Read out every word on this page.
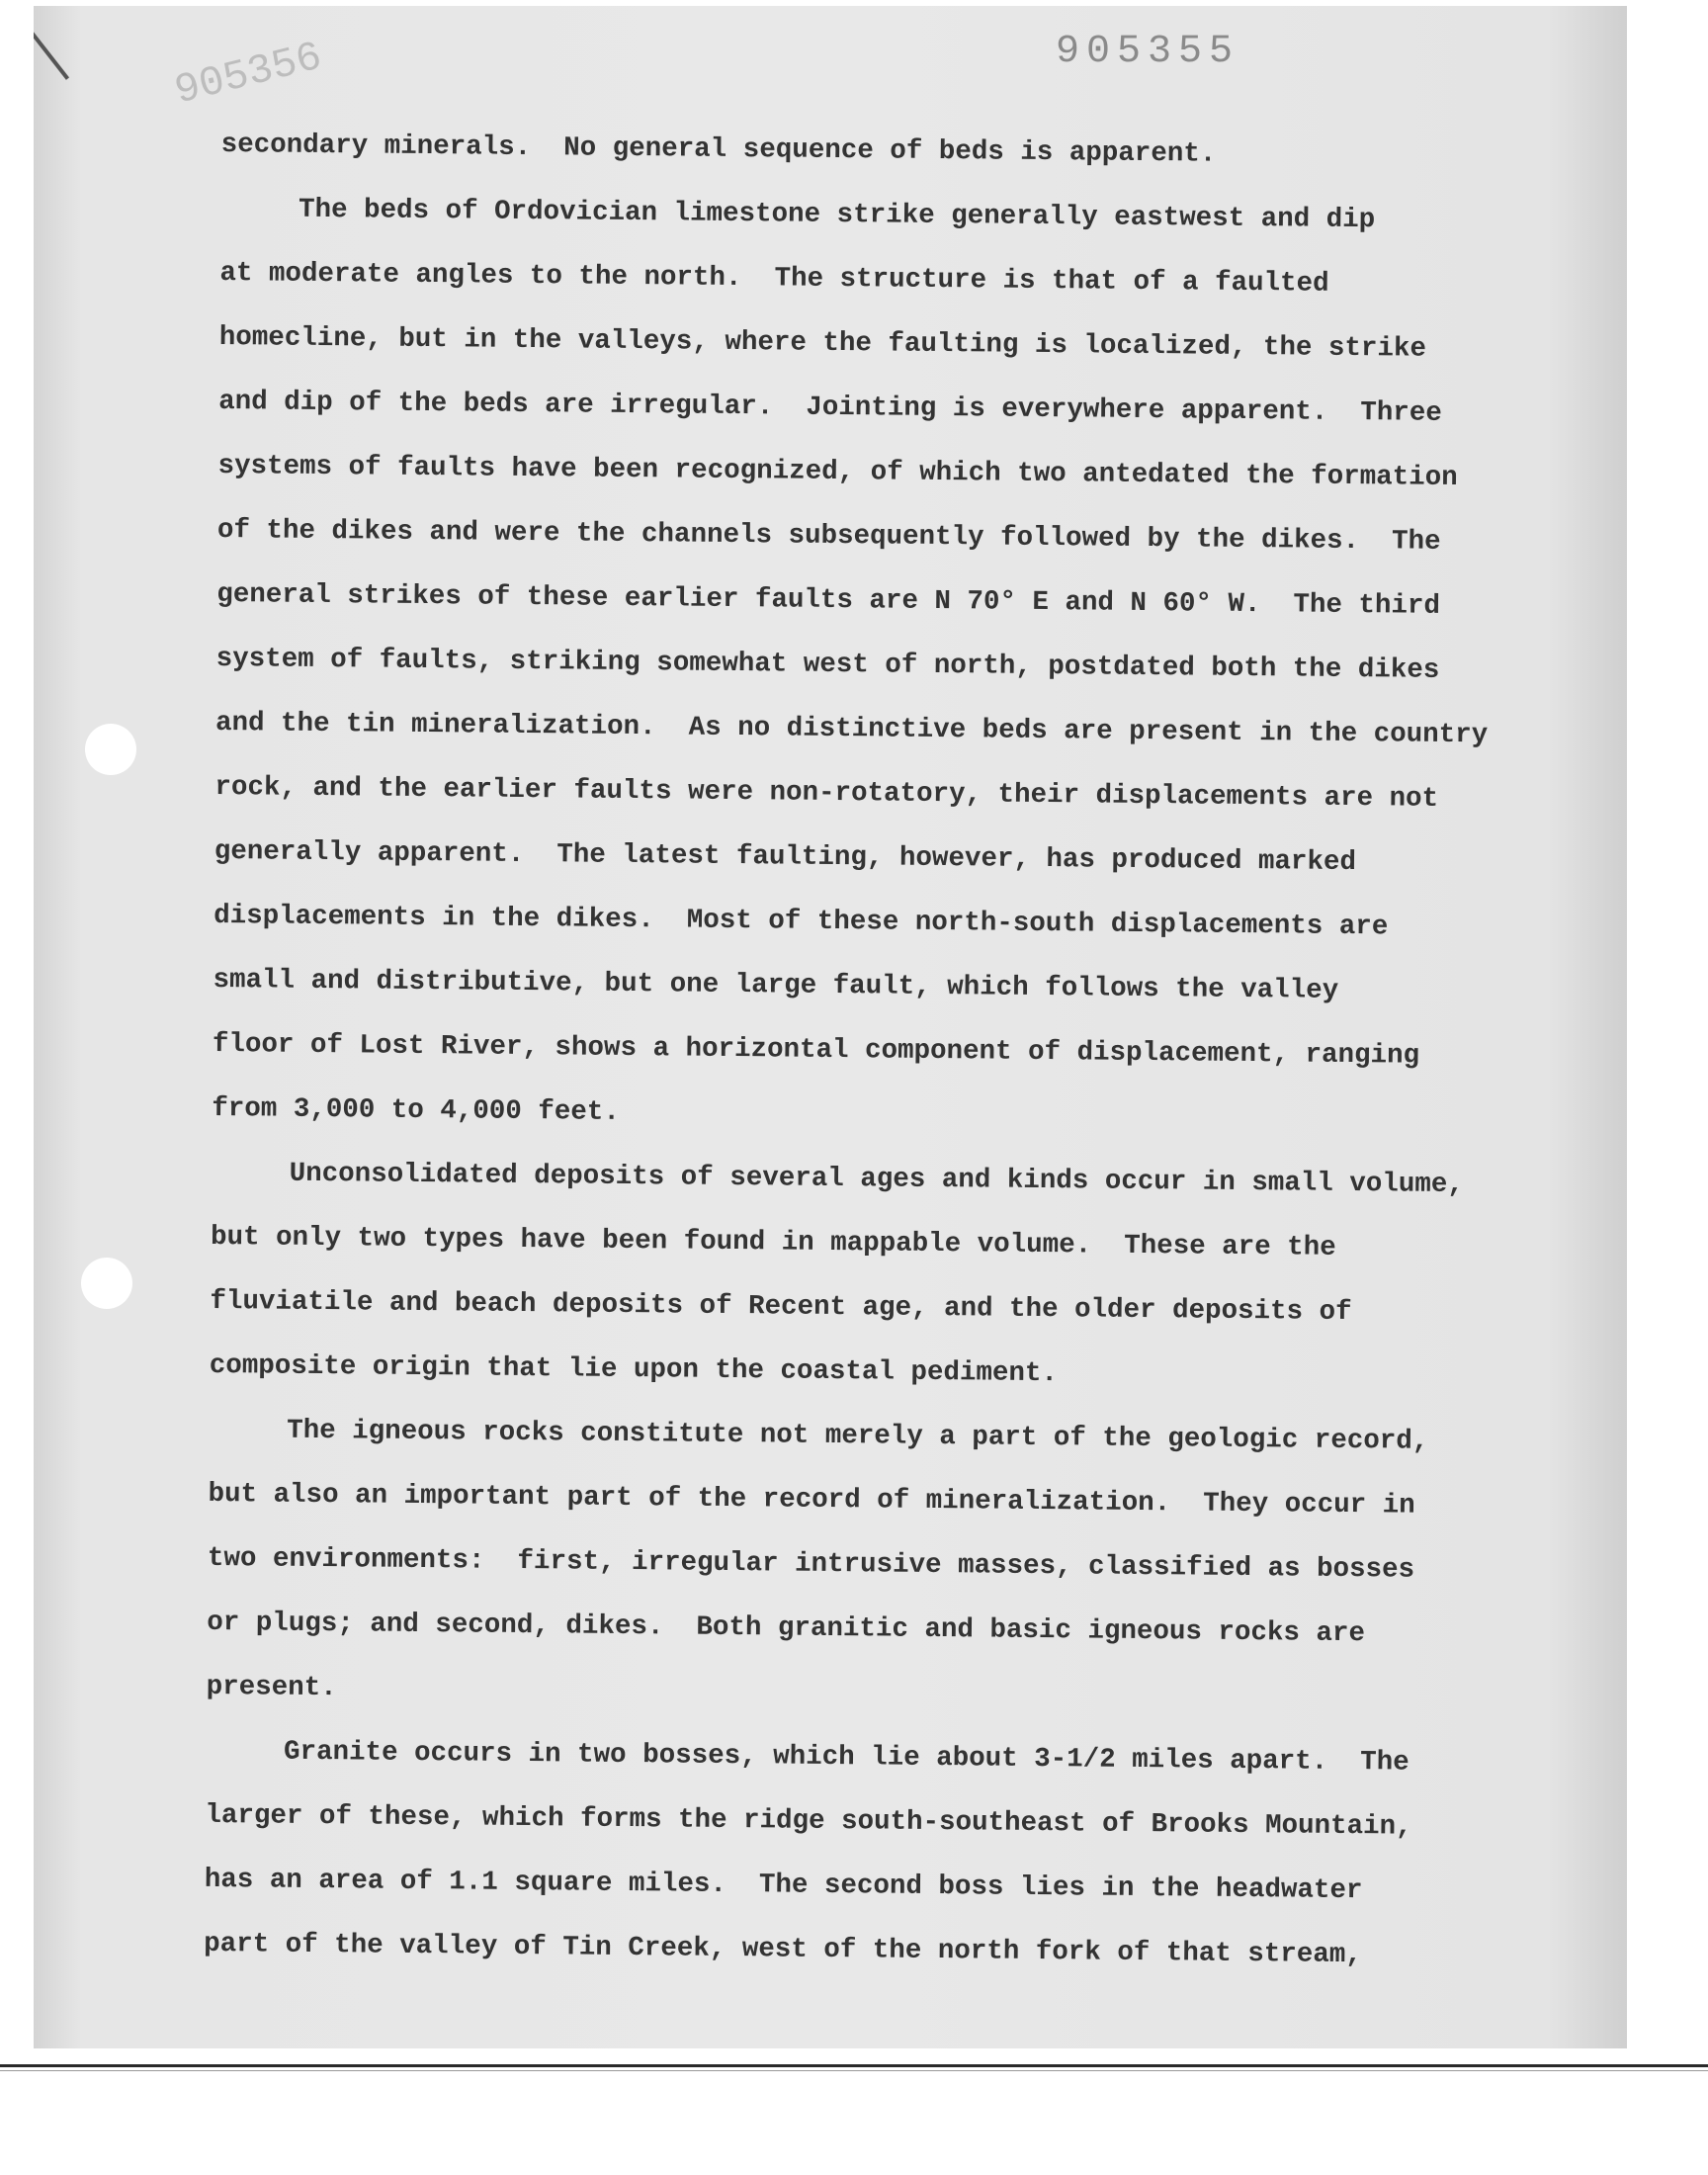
905356	905355
secondary minerals.  No general sequence of beds is apparent.
The beds of Ordovician limestone strike generally eastwest and dip
at moderate angles to the north.  The structure is that of a faulted
homecline, but in the valleys, where the faulting is localized, the strike
and dip of the beds are irregular.  Jointing is everywhere apparent.  Three
systems of faults have been recognized, of which two antedated the formation
of the dikes and were the channels subsequently followed by the dikes.  The
general strikes of these earlier faults are N 70° E and N 60° W.  The third
system of faults, striking somewhat west of north, postdated both the dikes
and the tin mineralization.  As no distinctive beds are present in the country
rock, and the earlier faults were non-rotatory, their displacements are not
generally apparent.  The latest faulting, however, has produced marked
displacements in the dikes.  Most of these north-south displacements are
small and distributive, but one large fault, which follows the valley
floor of Lost River, shows a horizontal component of displacement, ranging
from 3,000 to 4,000 feet.
Unconsolidated deposits of several ages and kinds occur in small volume,
but only two types have been found in mappable volume.  These are the
fluviatile and beach deposits of Recent age, and the older deposits of
composite origin that lie upon the coastal pediment.
The igneous rocks constitute not merely a part of the geologic record,
but also an important part of the record of mineralization.  They occur in
two environments:  first, irregular intrusive masses, classified as bosses
or plugs; and second, dikes.  Both granitic and basic igneous rocks are
present.
Granite occurs in two bosses, which lie about 3-1/2 miles apart.  The
larger of these, which forms the ridge south-southeast of Brooks Mountain,
has an area of 1.1 square miles.  The second boss lies in the headwater
part of the valley of Tin Creek, west of the north fork of that stream,
